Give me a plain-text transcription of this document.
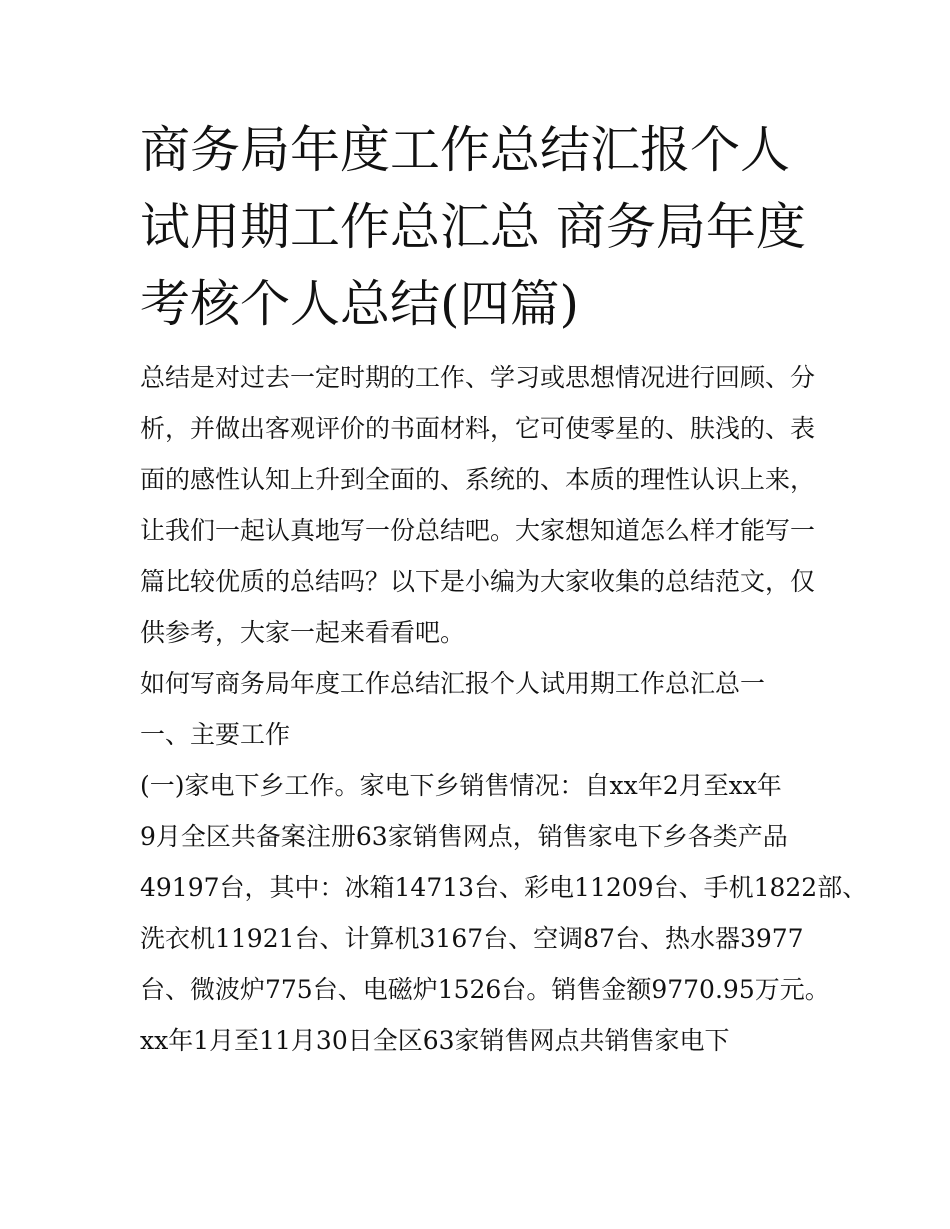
商务局年度工作总结汇报个人
试用期工作总汇总 商务局年度
考核个人总结(四篇)
总结是对过去一定时期的工作、学习或思想情况进行回顾、分
析，并做出客观评价的书面材料，它可使零星的、肤浅的、表
面的感性认知上升到全面的、系统的、本质的理性认识上来，
让我们一起认真地写一份总结吧。大家想知道怎么样才能写一
篇比较优质的总结吗？以下是小编为大家收集的总结范文，仅
供参考，大家一起来看看吧。
如何写商务局年度工作总结汇报个人试用期工作总汇总一
一、主要工作
(一)家电下乡工作。家电下乡销售情况：自xx年2月至xx年
9月全区共备案注册63家销售网点，销售家电下乡各类产品
49197台，其中：冰箱14713台、彩电11209台、手机1822部、
洗衣机11921台、计算机3167台、空调87台、热水器3977
台、微波炉775台、电磁炉1526台。销售金额9770.95万元。
xx年1月至11月30日全区63家销售网点共销售家电下
